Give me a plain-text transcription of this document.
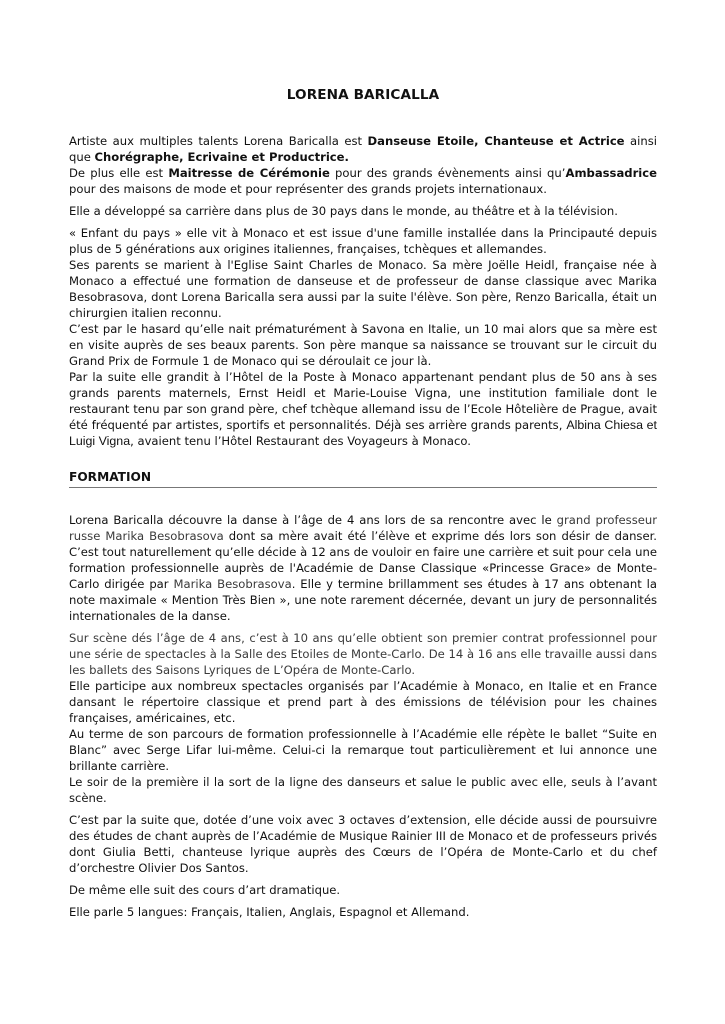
LORENA BARICALLA

Artiste aux multiples talents Lorena Baricalla est Danseuse Etoile, Chanteuse et Actrice ainsi que Chorégraphe, Ecrivaine et Productrice.

De plus elle est Maitresse de Cérémonie pour des grands évènements ainsi qu’Ambassadrice pour des maisons de mode et pour représenter des grands projets internationaux.

Elle a développé sa carrière dans plus de 30 pays dans le monde, au théâtre et à la télévision.

« Enfant du pays » elle vit à Monaco et est issue d'une famille installée dans la Principauté depuis plus de 5 générations aux origines italiennes, françaises, tchèques et allemandes.

Ses parents se marient à l'Eglise Saint Charles de Monaco. Sa mère Joëlle Heidl, française née à Monaco a effectué une formation de danseuse et de professeur de danse classique avec Marika Besobrasova, dont Lorena Baricalla sera aussi par la suite l'élève. Son père, Renzo Baricalla, était un chirurgien italien reconnu.

C’est par le hasard qu’elle nait prématurément à Savona en Italie, un 10 mai alors que sa mère est en visite auprès de ses beaux parents. Son père manque sa naissance se trouvant sur le circuit du Grand Prix de Formule 1 de Monaco qui se déroulait ce jour là.

Par la suite elle grandit à l’Hôtel de la Poste à Monaco appartenant pendant plus de 50 ans à ses grands parents maternels, Ernst Heidl et Marie-Louise Vigna, une institution familiale dont le restaurant tenu par son grand père, chef tchèque allemand issu de l’Ecole Hôtelière de Prague, avait été fréquenté par artistes, sportifs et personnalités. Déjà ses arrière grands parents, Albina Chiesa et Luigi Vigna, avaient tenu l’Hôtel Restaurant des Voyageurs à Monaco.

FORMATION

Lorena Baricalla découvre la danse à l’âge de 4 ans lors de sa rencontre avec le grand professeur russe Marika Besobrasova dont sa mère avait été l’élève et exprime dés lors son désir de danser. C’est tout naturellement qu’elle décide à 12 ans de vouloir en faire une carrière et suit pour cela une formation professionnelle auprès de l'Académie de Danse Classique «Princesse Grace» de Monte-Carlo dirigée par Marika Besobrasova. Elle y termine brillamment ses études à 17 ans obtenant la note maximale « Mention Très Bien », une note rarement décernée, devant un jury de personnalités internationales de la danse.

Sur scène dés l’âge de 4 ans, c’est à 10 ans qu’elle obtient son premier contrat professionnel pour une série de spectacles à la Salle des Etoiles de Monte-Carlo. De 14 à 16 ans elle travaille aussi dans les ballets des Saisons Lyriques de L’Opéra de Monte-Carlo.

Elle participe aux nombreux spectacles organisés par l’Académie à Monaco, en Italie et en France dansant le répertoire classique et prend part à des émissions de télévision pour les chaines françaises, américaines, etc.

Au terme de son parcours de formation professionnelle à l’Académie elle répète le ballet “Suite en Blanc” avec Serge Lifar lui-même. Celui-ci la remarque tout particulièrement et lui annonce une brillante carrière.

Le soir de la première il la sort de la ligne des danseurs et salue le public avec elle, seuls à l’avant scène.

C’est par la suite que, dotée d’une voix avec 3 octaves d’extension, elle décide aussi de poursuivre des études de chant auprès de l’Académie de Musique Rainier III de Monaco et de professeurs privés dont Giulia Betti, chanteuse lyrique auprès des Cœurs de l’Opéra de Monte-Carlo et du chef d’orchestre Olivier Dos Santos.

De même elle suit des cours d’art dramatique.

Elle parle 5 langues: Français, Italien, Anglais, Espagnol et Allemand.
